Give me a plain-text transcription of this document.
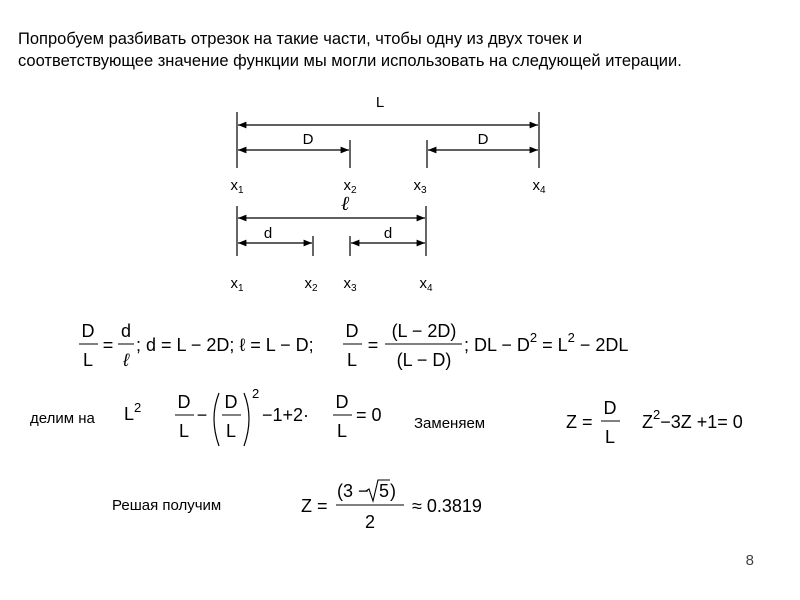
Попробуем разбивать отрезок на такие части, чтобы одну из двух точек и
соответствующее значение функции мы могли использовать на следующей итерации.

L
D	D
$x_1$	$x_2$	$x_3$	$x_4$
ℓ
d	d
$x_1$	$x_2$ $x_3$	$x_4$
D
L
=
d
ℓ
; d = L − 2D; ℓ = L − D;
D
L
=
(L − 2D)
(L − D)
; DL − $D^2 = L^2 - 2DL$
$L^2$ D
L
−
D
L
2
−1+2·
D
L
= 0	Z =
D
L
$Z^2-3Z +1= 0$
Z =
(3 − 5 )
2
≈ 0.3819
делим на	Заменяем
Решая получим
8
